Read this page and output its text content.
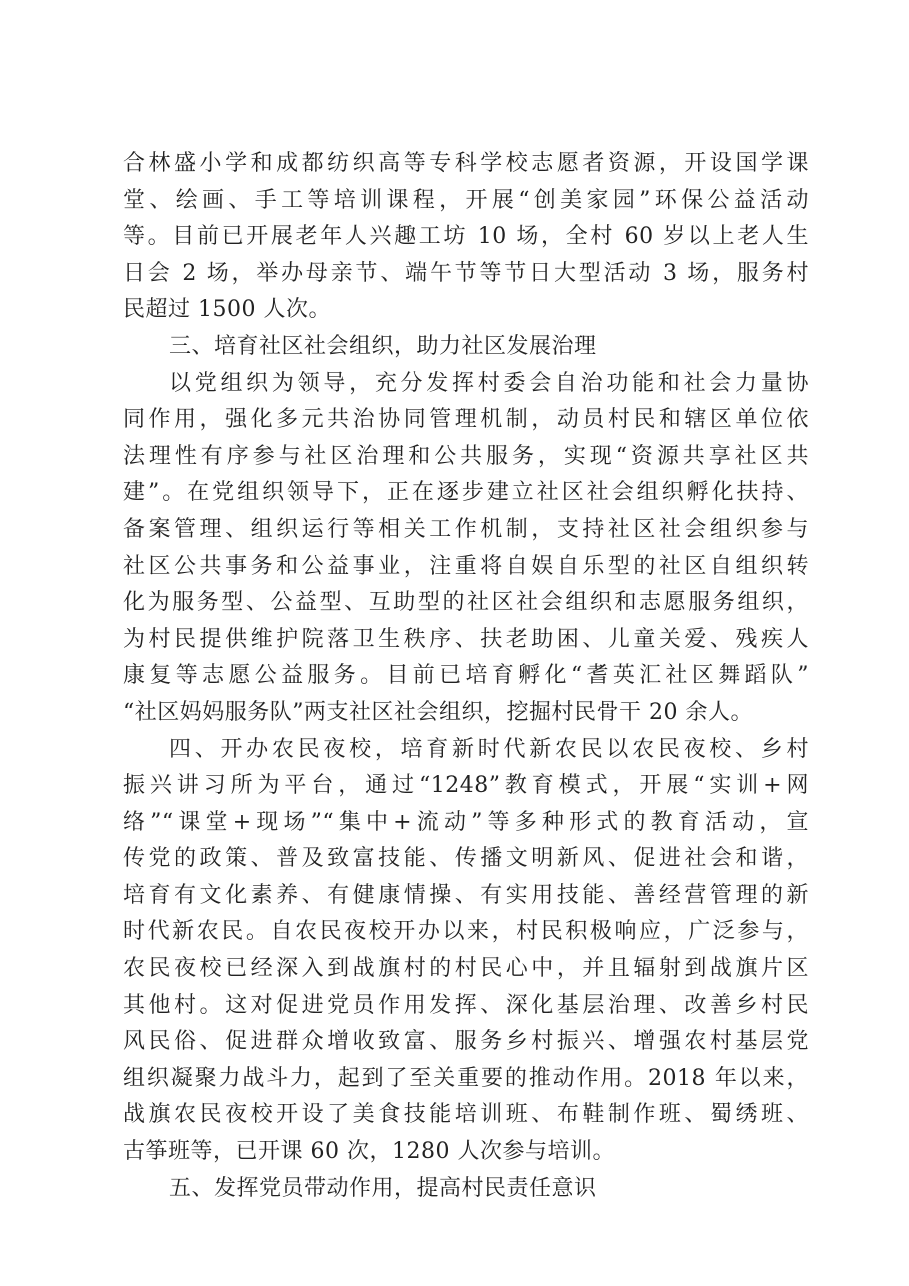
合林盛小学和成都纺织高等专科学校志愿者资源，开设国学课
堂、绘画、手工等培训课程，开展“创美家园”环保公益活动
等。目前已开展老年人兴趣工坊 10 场，全村 60 岁以上老人生
日会 2 场，举办母亲节、端午节等节日大型活动 3 场，服务村
民超过 1500 人次。
三、培育社区社会组织，助力社区发展治理
以党组织为领导，充分发挥村委会自治功能和社会力量协
同作用，强化多元共治协同管理机制，动员村民和辖区单位依
法理性有序参与社区治理和公共服务，实现“资源共享社区共
建”。在党组织领导下，正在逐步建立社区社会组织孵化扶持、
备案管理、组织运行等相关工作机制，支持社区社会组织参与
社区公共事务和公益事业，注重将自娱自乐型的社区自组织转
化为服务型、公益型、互助型的社区社会组织和志愿服务组织，
为村民提供维护院落卫生秩序、扶老助困、儿童关爱、残疾人
康复等志愿公益服务。目前已培育孵化“耆英汇社区舞蹈队”
“社区妈妈服务队”两支社区社会组织，挖掘村民骨干 20 余人。
四、开办农民夜校，培育新时代新农民以农民夜校、乡村
振兴讲习所为平台，通过“1248”教育模式，开展“实训+网
络”“课堂+现场”“集中+流动”等多种形式的教育活动，宣
传党的政策、普及致富技能、传播文明新风、促进社会和谐，
培育有文化素养、有健康情操、有实用技能、善经营管理的新
时代新农民。自农民夜校开办以来，村民积极响应，广泛参与，
农民夜校已经深入到战旗村的村民心中，并且辐射到战旗片区
其他村。这对促进党员作用发挥、深化基层治理、改善乡村民
风民俗、促进群众增收致富、服务乡村振兴、增强农村基层党
组织凝聚力战斗力，起到了至关重要的推动作用。2018 年以来，
战旗农民夜校开设了美食技能培训班、布鞋制作班、蜀绣班、
古筝班等，已开课 60 次，1280 人次参与培训。
五、发挥党员带动作用，提高村民责任意识
